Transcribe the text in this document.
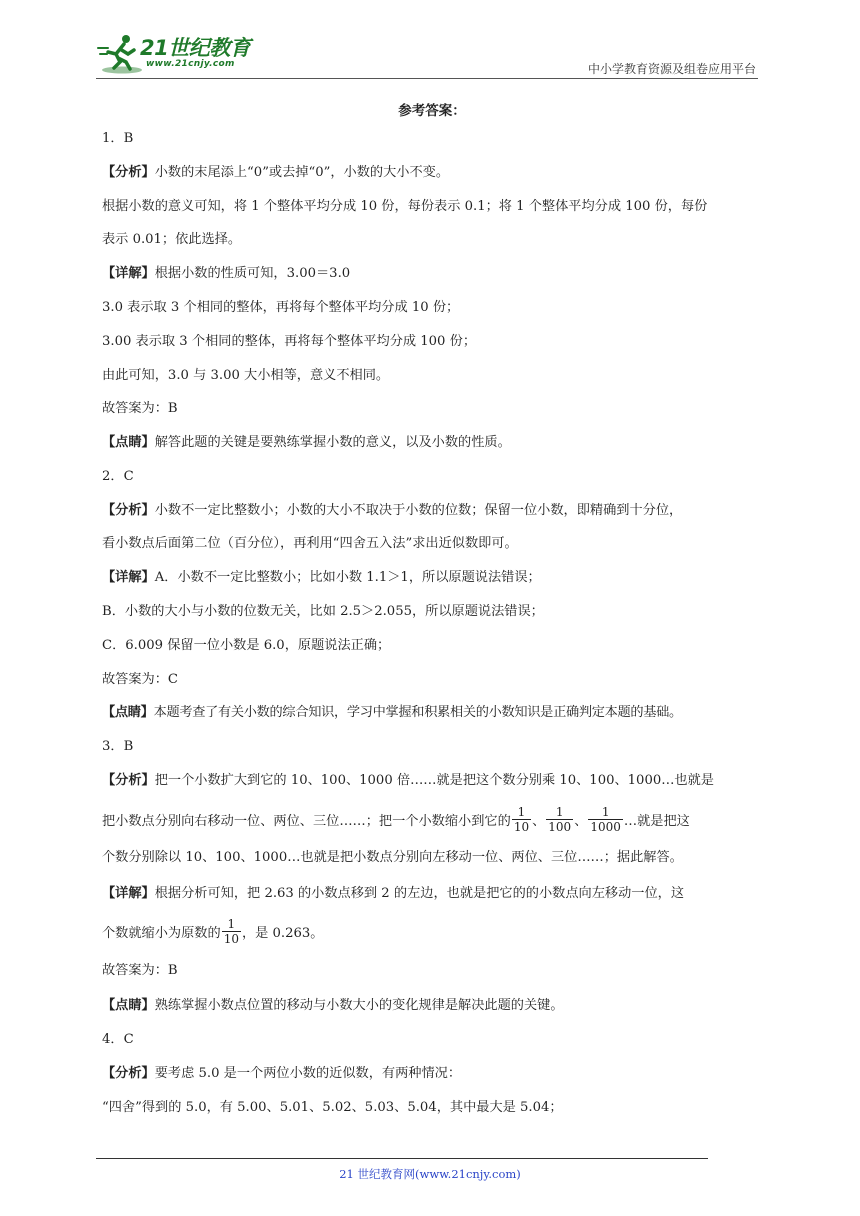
21世纪教育
www.21cnjy.com	中小学教育资源及组卷应用平台
参考答案：
1．B
【分析】小数的末尾添上“0”或去掉“0”，小数的大小不变。
根据小数的意义可知，将 1 个整体平均分成 10 份，每份表示 0.1；将 1 个整体平均分成 100 份，每份
表示 0.01；依此选择。
【详解】根据小数的性质可知，3.00＝3.0
3.0 表示取 3 个相同的整体，再将每个整体平均分成 10 份；
3.00 表示取 3 个相同的整体，再将每个整体平均分成 100 份；
由此可知，3.0 与 3.00 大小相等，意义不相同。
故答案为：B
【点睛】解答此题的关键是要熟练掌握小数的意义，以及小数的性质。
2．C
【分析】小数不一定比整数小；小数的大小不取决于小数的位数；保留一位小数，即精确到十分位，
看小数点后面第二位（百分位），再利用“四舍五入法”求出近似数即可。
【详解】A．小数不一定比整数小；比如小数 1.1＞1，所以原题说法错误；
B．小数的大小与小数的位数无关，比如 2.5＞2.055，所以原题说法错误；
C．6.009 保留一位小数是 6.0，原题说法正确；
故答案为：C
【点睛】本题考查了有关小数的综合知识，学习中掌握和积累相关的小数知识是正确判定本题的基础。
3．B
【分析】把一个小数扩大到它的 10、100、1000 倍……就是把这个数分别乘 10、100、1000…也就是
把小数点分别向右移动一位、两位、三位……；把一个小数缩小到它的 $\frac{1}{10}$ 、 $\frac{1}{100}$ 、 $\frac{1}{1000}$ …就是把这
个数分别除以 10、100、1000…也就是把小数点分别向左移动一位、两位、三位……；据此解答。
【详解】根据分析可知，把 2.63 的小数点移到 2 的左边，也就是把它的的小数点向左移动一位，这
个数就缩小为原数的 $\frac{1}{10}$ ，是 0.263。
故答案为：B
【点睛】熟练掌握小数点位置的移动与小数大小的变化规律是解决此题的关键。
4．C
【分析】要考虑 5.0 是一个两位小数的近似数，有两种情况：
“四舍”得到的 5.0，有 5.00、5.01、5.02、5.03、5.04，其中最大是 5.04；
21 世纪教育网(www.21cnjy.com)
